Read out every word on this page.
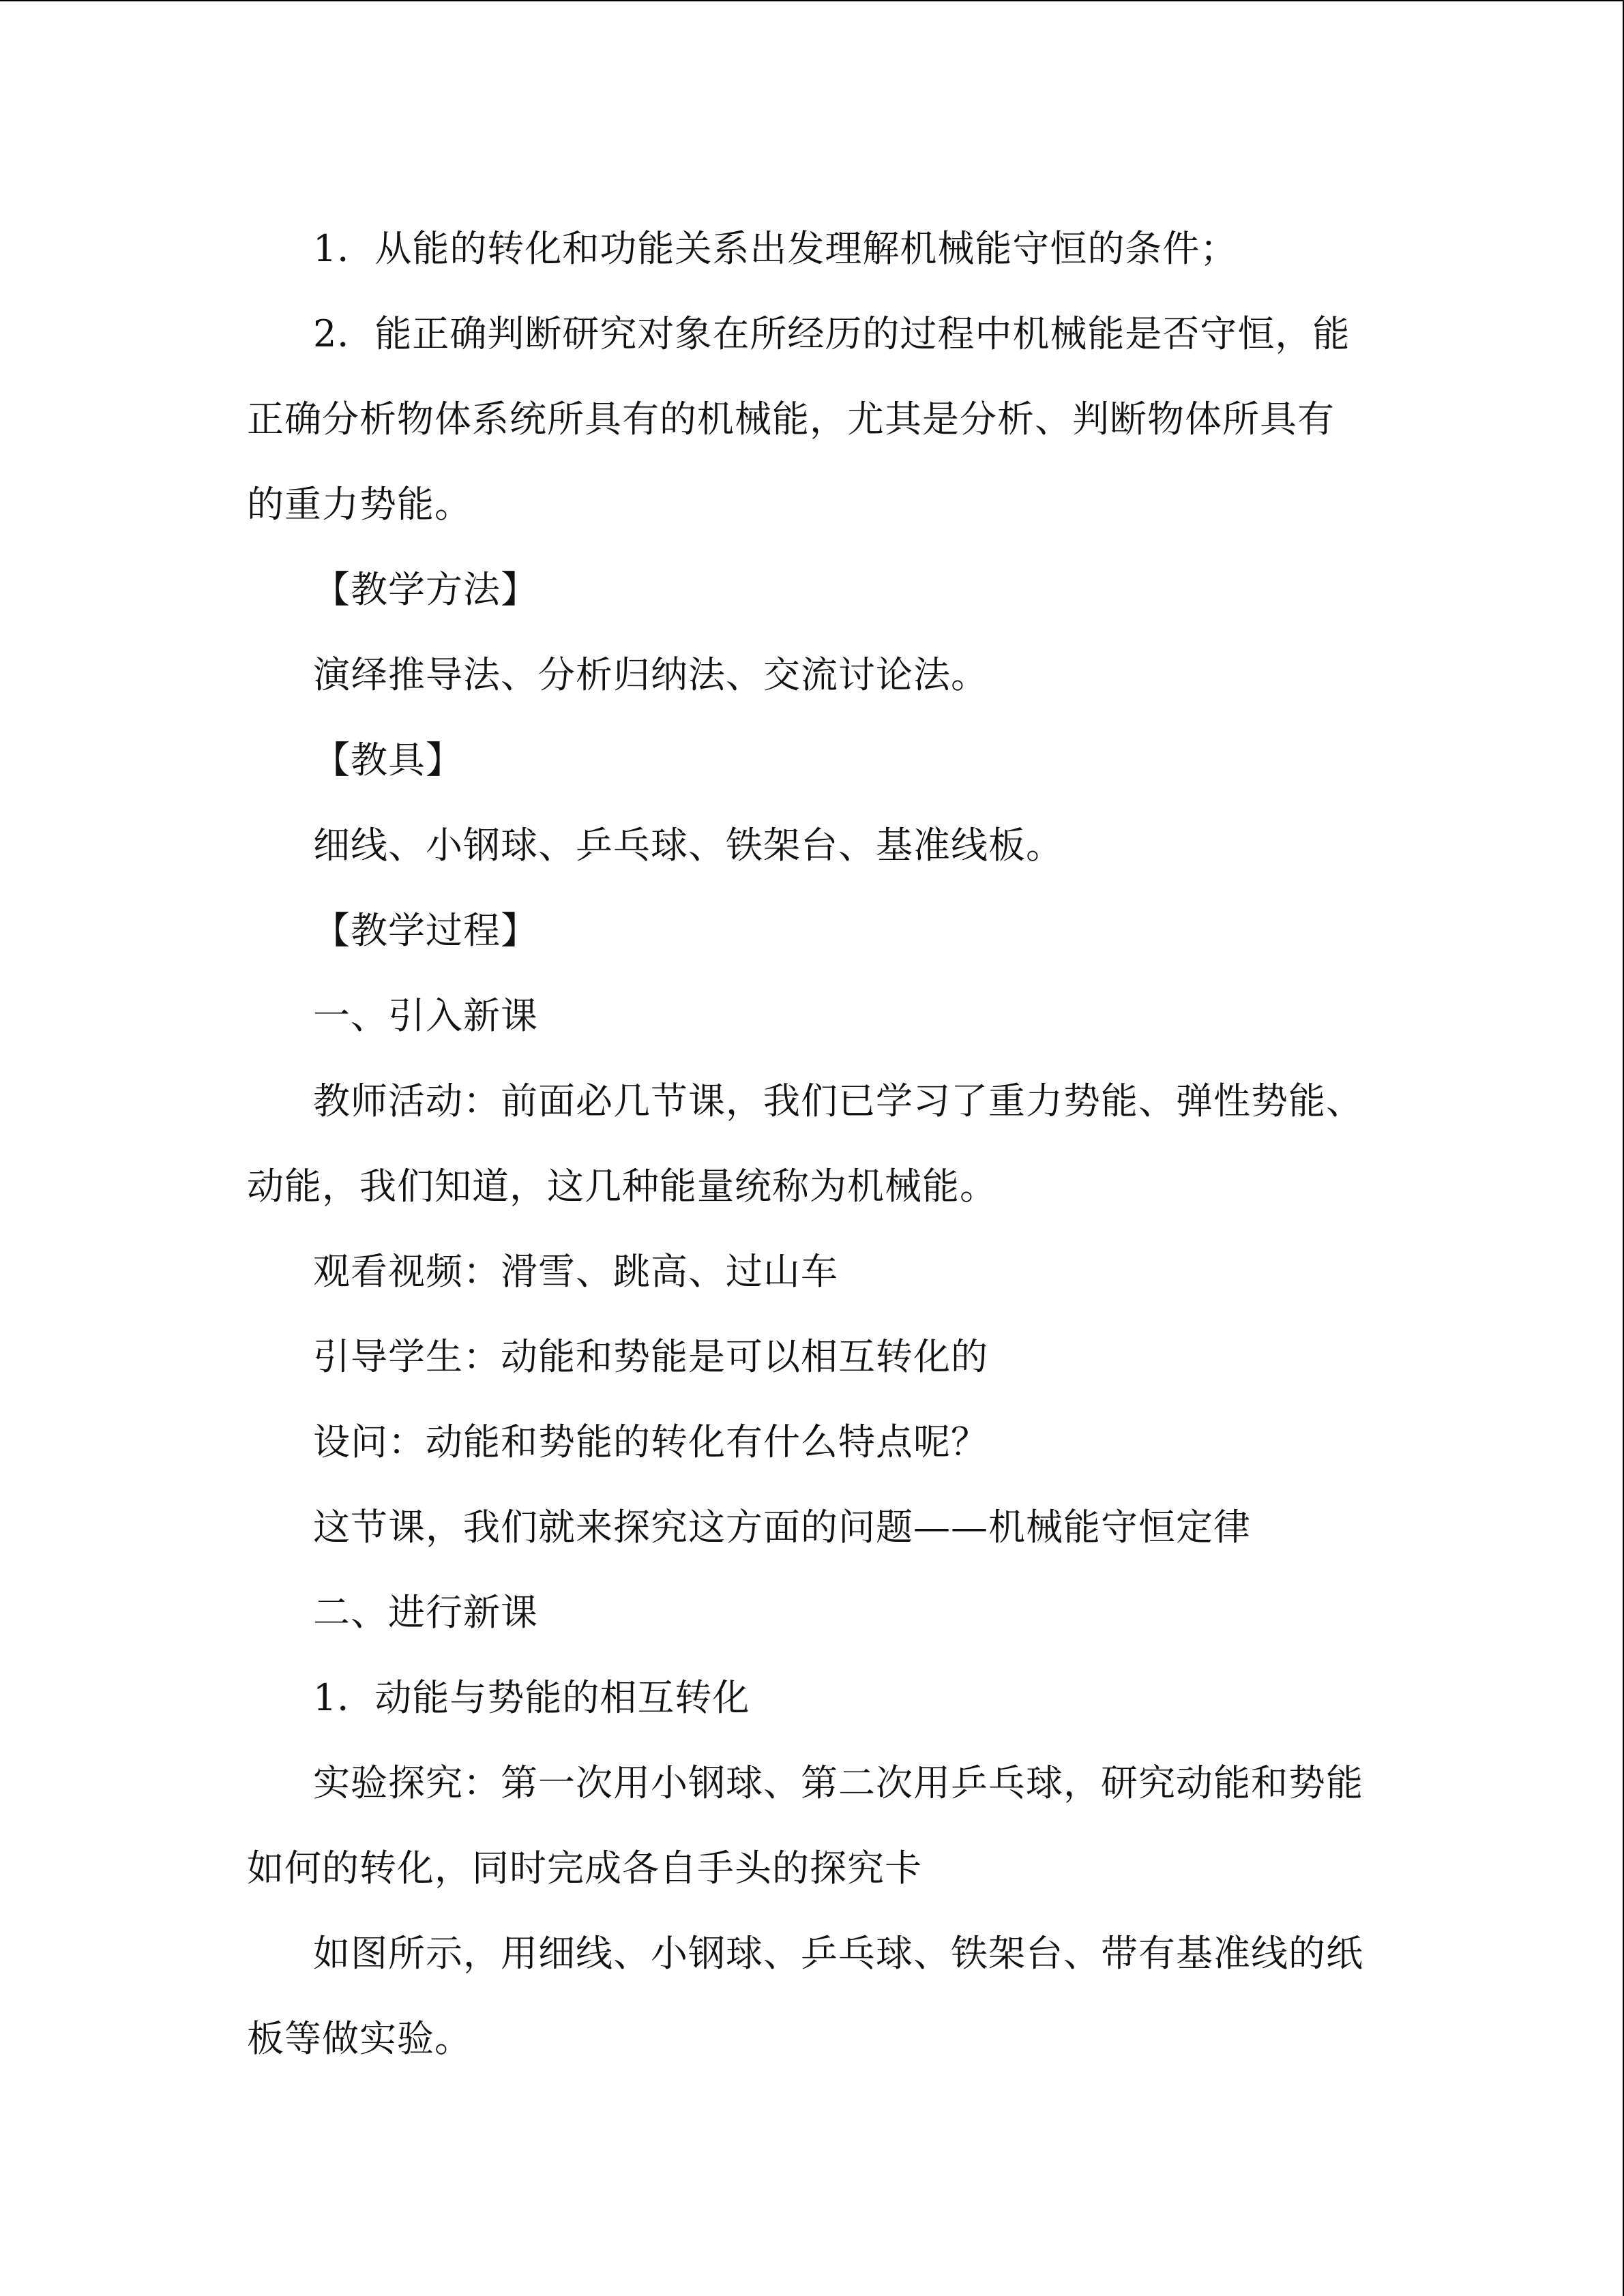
1．从能的转化和功能关系出发理解机械能守恒的条件；

2．能正确判断研究对象在所经历的过程中机械能是否守恒，能正确分析物体系统所具有的机械能，尤其是分析、判断物体所具有的重力势能。

【教学方法】

演绎推导法、分析归纳法、交流讨论法。

【教具】

细线、小钢球、乒乓球、铁架台、基准线板。

【教学过程】

一、引入新课

教师活动：前面必几节课，我们已学习了重力势能、弹性势能、动能，我们知道，这几种能量统称为机械能。

观看视频：滑雪、跳高、过山车

引导学生：动能和势能是可以相互转化的

设问：动能和势能的转化有什么特点呢？

这节课，我们就来探究这方面的问题——机械能守恒定律

二、进行新课

1．动能与势能的相互转化

实验探究：第一次用小钢球、第二次用乒乓球，研究动能和势能如何的转化，同时完成各自手头的探究卡

如图所示，用细线、小钢球、乒乓球、铁架台、带有基准线的纸板等做实验。
